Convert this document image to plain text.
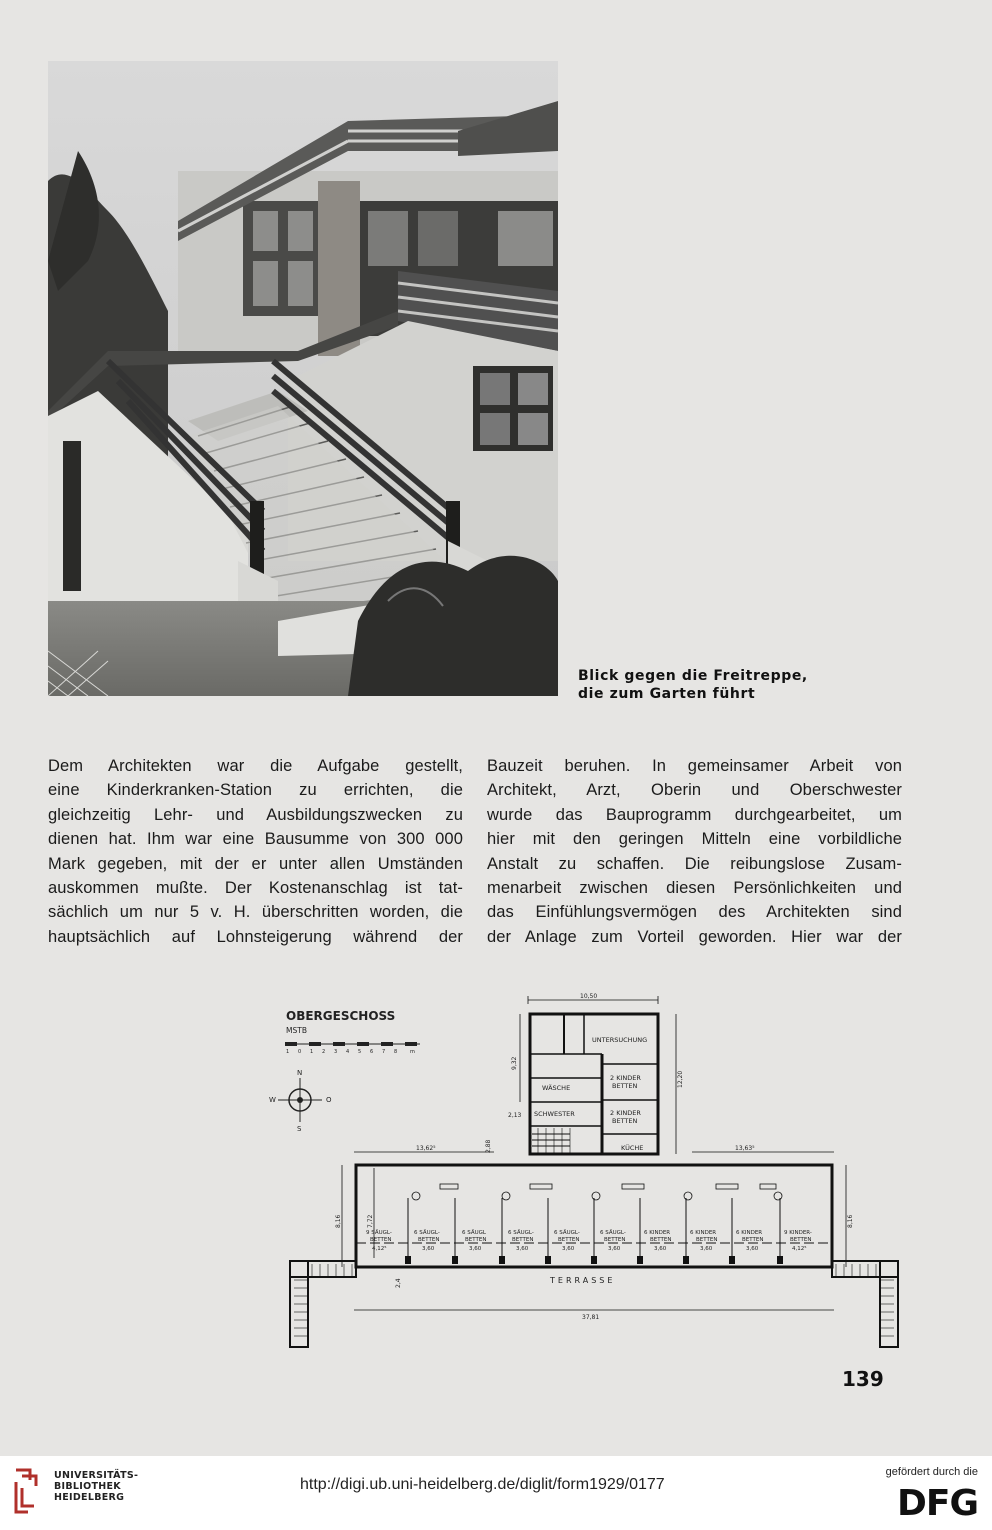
Blick gegen die Freitreppe,
die zum Garten führt
Dem Architekten war die Aufgabe gestellt,
eine Kinderkranken-Station zu errichten, die
gleichzeitig Lehr- und Ausbildungszwecken zu
dienen hat. Ihm war eine Bausumme von 300 000
Mark gegeben, mit der er unter allen Umständen
auskommen mußte. Der Kostenanschlag ist tat-
sächlich um nur 5 v. H. überschritten worden, die
hauptsächlich auf Lohnsteigerung während der
Bauzeit beruhen. In gemeinsamer Arbeit von
Architekt, Arzt, Oberin und Oberschwester
wurde das Bauprogramm durchgearbeitet, um
hier mit den geringen Mitteln eine vorbildliche
Anstalt zu schaffen. Die reibungslose Zusam-
menarbeit zwischen diesen Persönlichkeiten und
das Einfühlungsvermögen des Architekten sind
der Anlage zum Vorteil geworden. Hier war der
OBERGESCHOSS
MSTB
1 0 1 2 3 4 5 6 7 8	m
N
S
W	O
10,50
12,20
9,32
2,13
2,88
UNTERSUCHUNG
WÄSCHE
SCHWESTER
2 KINDER
BETTEN
2 KINDER
BETTEN
KÜCHE
13,62⁵	13,63⁵
37,81
8,16	8,16
7,72
2,4	TERRASSE
9 SÄUGL-
BETTEN
4,12⁵
6 SÄUGL-
BETTEN
3,60
6 SÄUGL
BETTEN
3,60
6 SÄUGL-
BETTEN
3,60
6 SÄUGL-
BETTEN
3,60
6 SÄUGL-
BETTEN
3,60
6 KINDER
BETTEN
3,60
6 KINDER
BETTEN
3,60
6 KINDER
BETTEN
3,60
9 KINDER-
BETTEN
4,12⁵
139
UNIVERSITÄTS-
BIBLIOTHEK
HEIDELBERG
http://digi.ub.uni-heidelberg.de/diglit/form1929/0177
gefördert durch die
DFG
